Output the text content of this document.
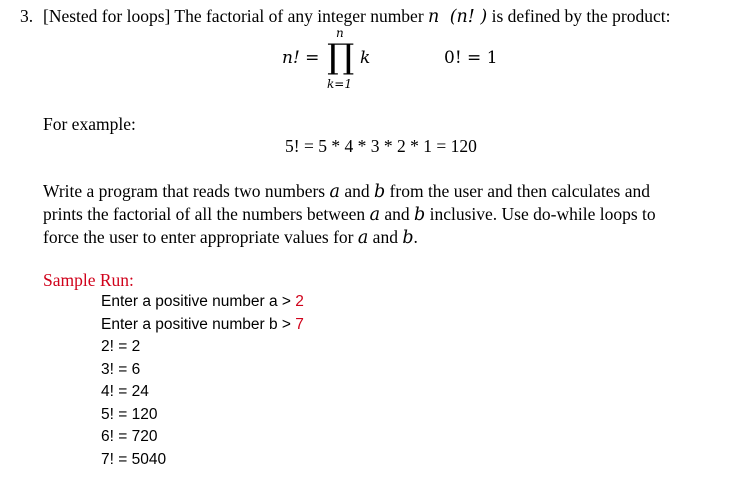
3. [Nested for loops] The factorial of any integer number n (n! ) is defined by the product:
n! =
n
∏ k
k=1
0! = 1
For example:
5! = 5 * 4 * 3 * 2 * 1 = 120
Write a program that reads two numbers a and b from the user and then calculates and
prints the factorial of all the numbers between a and b inclusive. Use do-while loops to
force the user to enter appropriate values for a and b.
Sample Run:
Enter a positive number a > 2
Enter a positive number b > 7
2! = 2
3! = 6
4! = 24
5! = 120
6! = 720
7! = 5040
